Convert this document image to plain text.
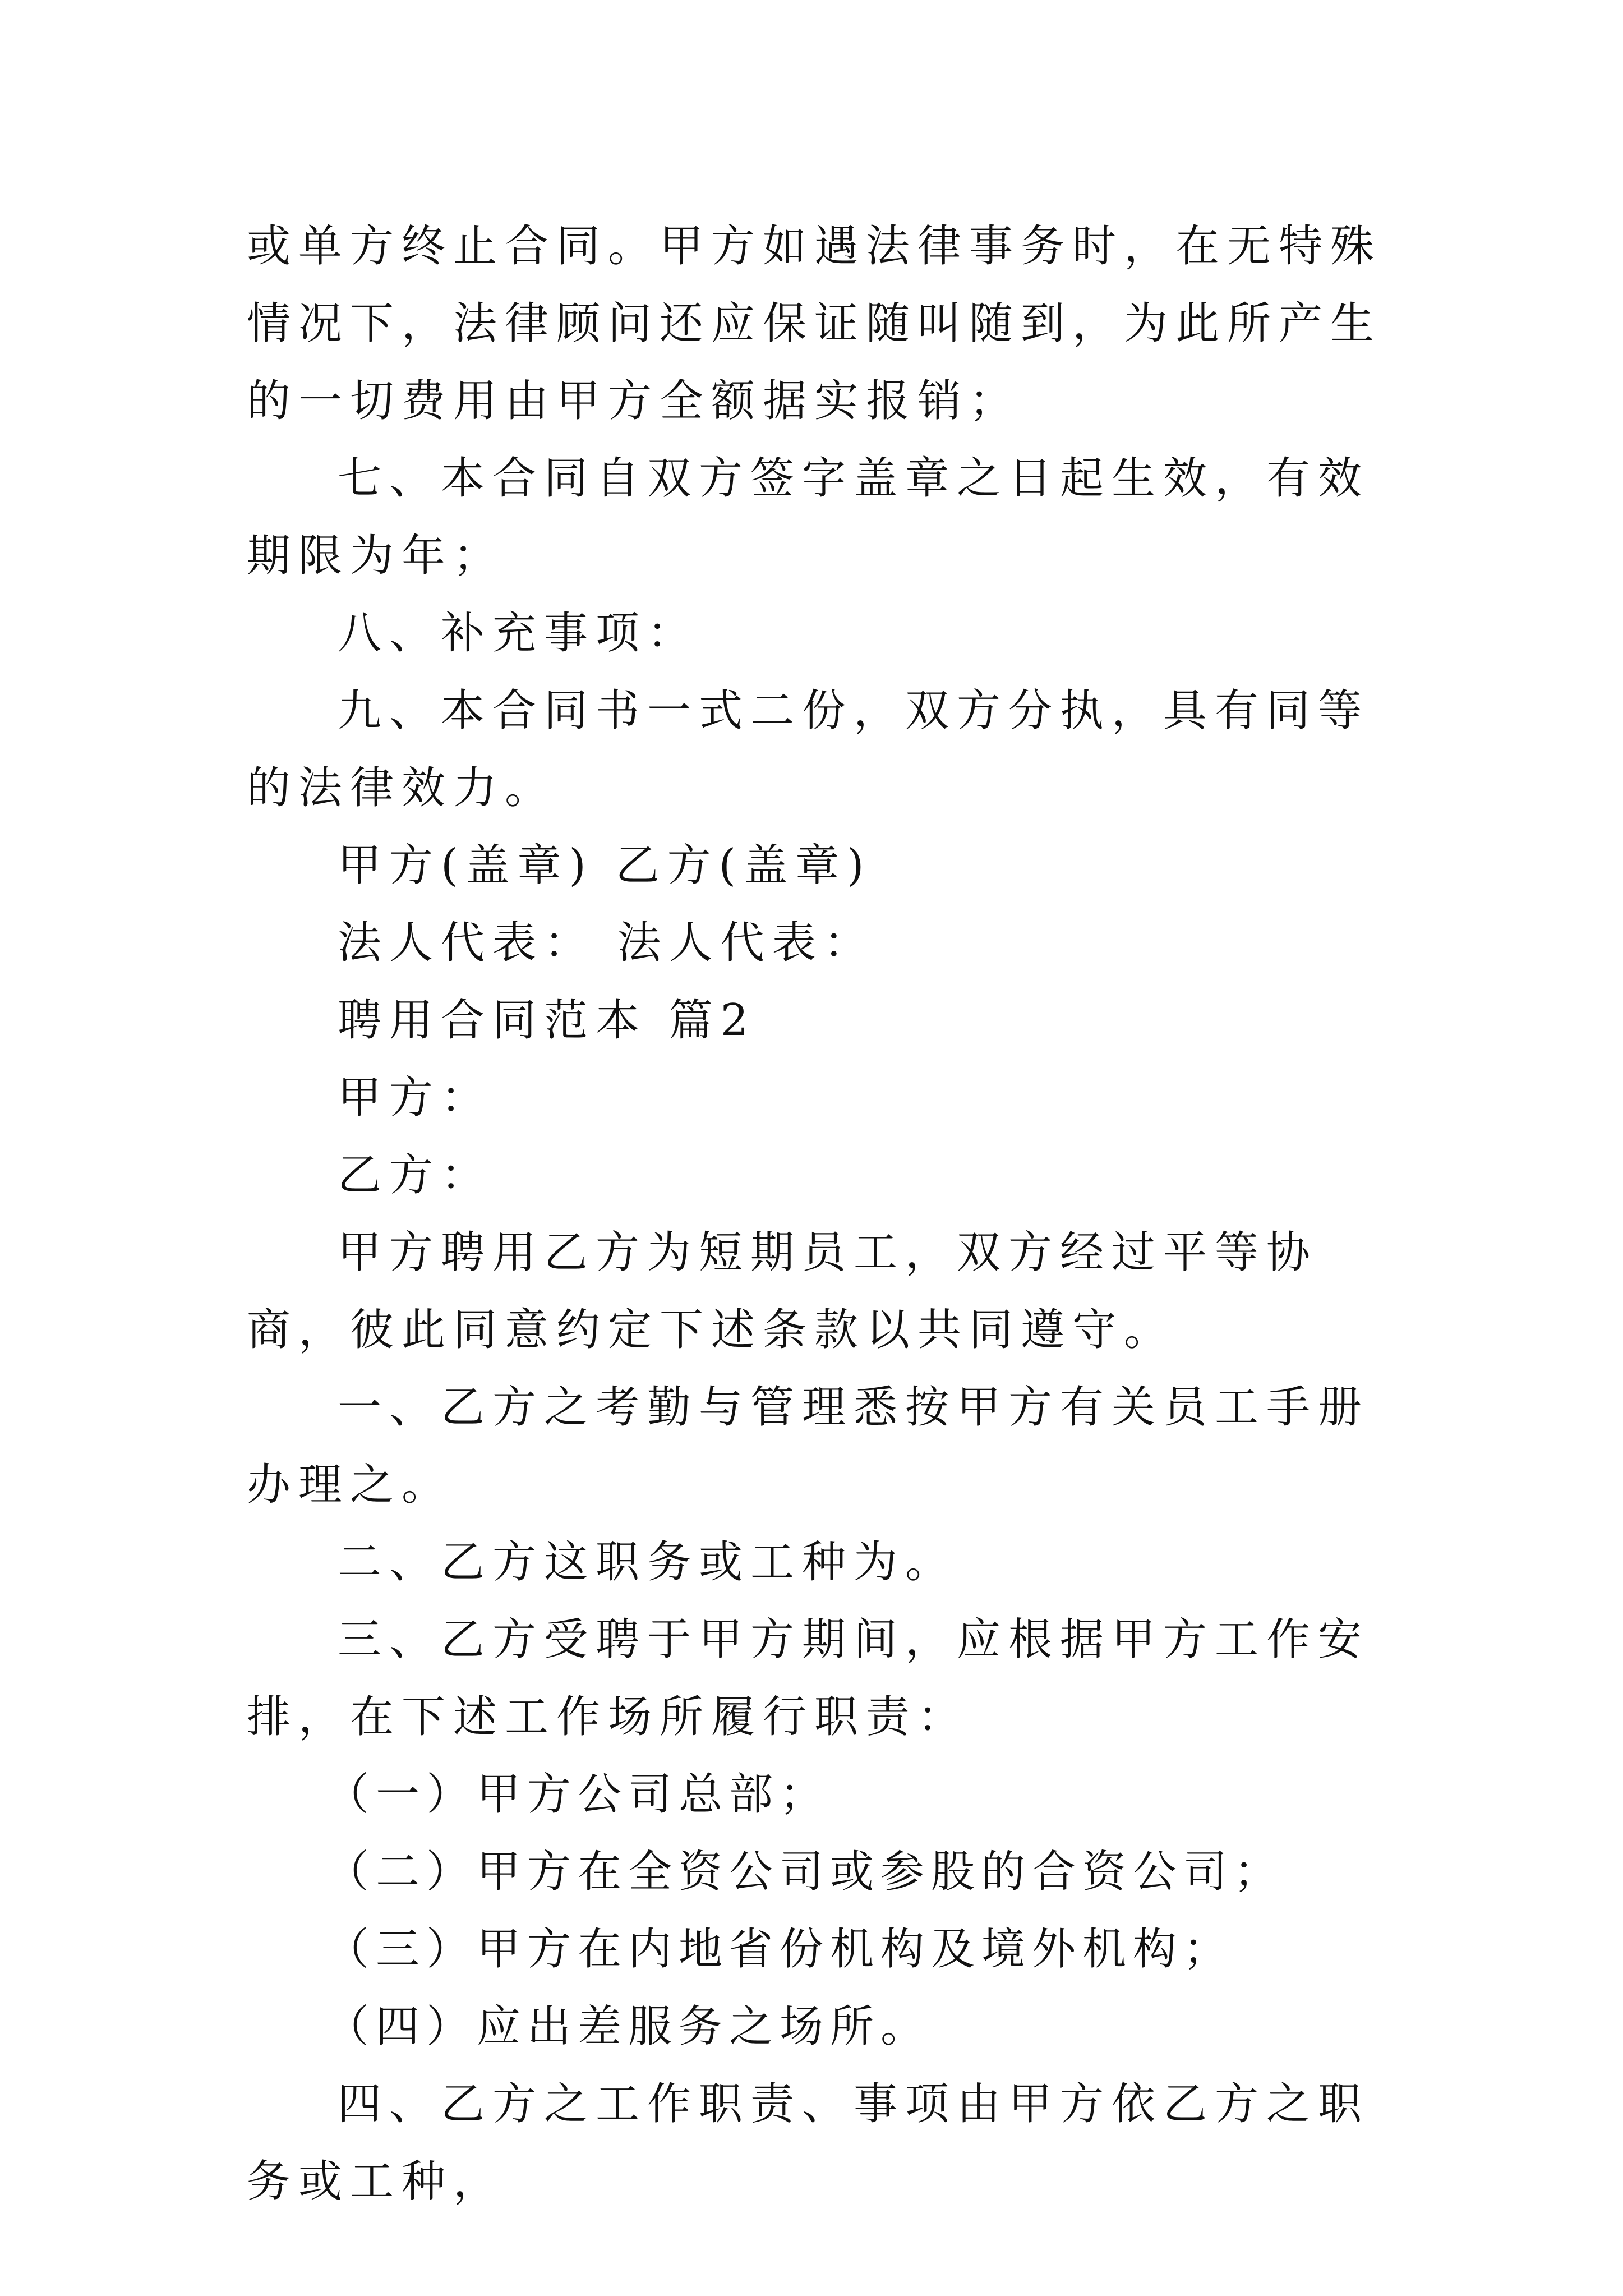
或单方终止合同。甲方如遇法律事务时，在无特殊情况下，法律顾问还应保证随叫随到，为此所产生的一切费用由甲方全额据实报销；

七、本合同自双方签字盖章之日起生效，有效期限为年；

八、补充事项：

九、本合同书一式二份，双方分执，具有同等的法律效力。

甲方(盖章) 乙方(盖章)

法人代表： 法人代表：

聘用合同范本 篇2

甲方：

乙方：

甲方聘用乙方为短期员工，双方经过平等协商，彼此同意约定下述条款以共同遵守。

一、乙方之考勤与管理悉按甲方有关员工手册办理之。

二、乙方这职务或工种为。

三、乙方受聘于甲方期间，应根据甲方工作安排，在下述工作场所履行职责：

（一）甲方公司总部；

（二）甲方在全资公司或参股的合资公司；

（三）甲方在内地省份机构及境外机构；

（四）应出差服务之场所。

四、乙方之工作职责、事项由甲方依乙方之职务或工种，
